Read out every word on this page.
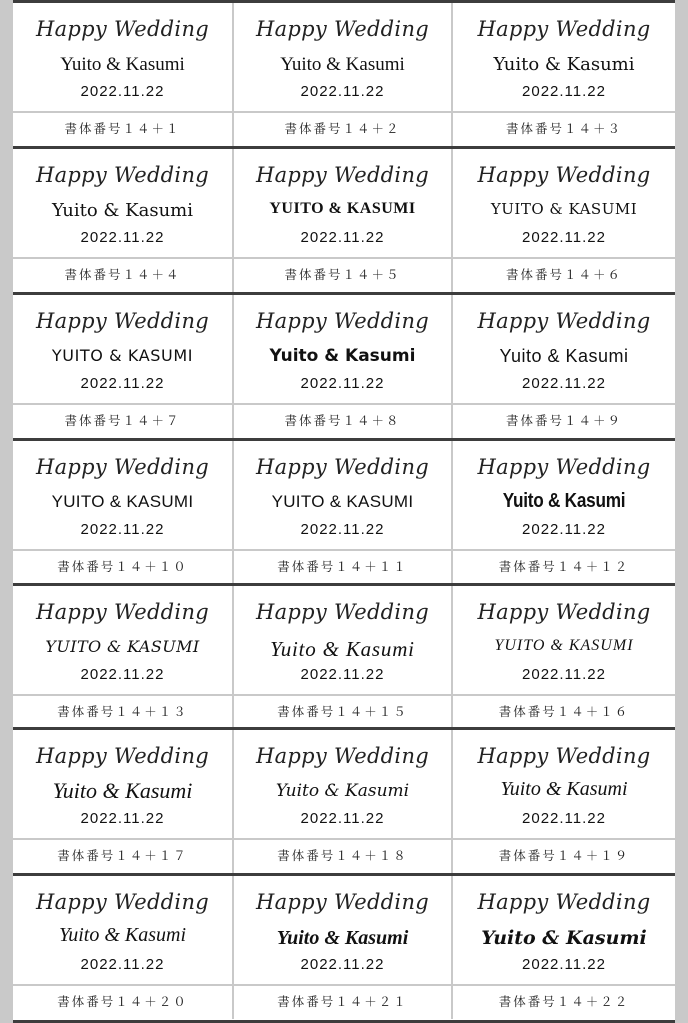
Happy Wedding
Yuito & Kasumi
2022.11.22
書体番号１４＋１
Happy Wedding
Yuito & Kasumi
2022.11.22
書体番号１４＋２
Happy Wedding
Yuito & Kasumi
2022.11.22
書体番号１４＋３
Happy Wedding
Yuito & Kasumi
2022.11.22
書体番号１４＋４
Happy Wedding
YUITO & KASUMI
2022.11.22
書体番号１４＋５
Happy Wedding
YUITO & KASUMI
2022.11.22
書体番号１４＋６
Happy Wedding
YUITO & KASUMI
2022.11.22
書体番号１４＋７
Happy Wedding
Yuito & Kasumi
2022.11.22
書体番号１４＋８
Happy Wedding
Yuito & Kasumi
2022.11.22
書体番号１４＋９
Happy Wedding
YUITO & KASUMI
2022.11.22
書体番号１４＋１０
Happy Wedding
YUITO & KASUMI
2022.11.22
書体番号１４＋１１
Happy Wedding
Yuito & Kasumi
2022.11.22
書体番号１４＋１２
Happy Wedding
YUITO & KASUMI
2022.11.22
書体番号１４＋１３
Happy Wedding
Yuito & Kasumi
2022.11.22
書体番号１４＋１５
Happy Wedding
YUITO & KASUMI
2022.11.22
書体番号１４＋１６
Happy Wedding
Yuito & Kasumi
2022.11.22
書体番号１４＋１７
Happy Wedding
Yuito & Kasumi
2022.11.22
書体番号１４＋１８
Happy Wedding
Yuito & Kasumi
2022.11.22
書体番号１４＋１９
Happy Wedding
Yuito & Kasumi
2022.11.22
書体番号１４＋２０
Happy Wedding
Yuito & Kasumi
2022.11.22
書体番号１４＋２１
Happy Wedding
Yuito & Kasumi
2022.11.22
書体番号１４＋２２
